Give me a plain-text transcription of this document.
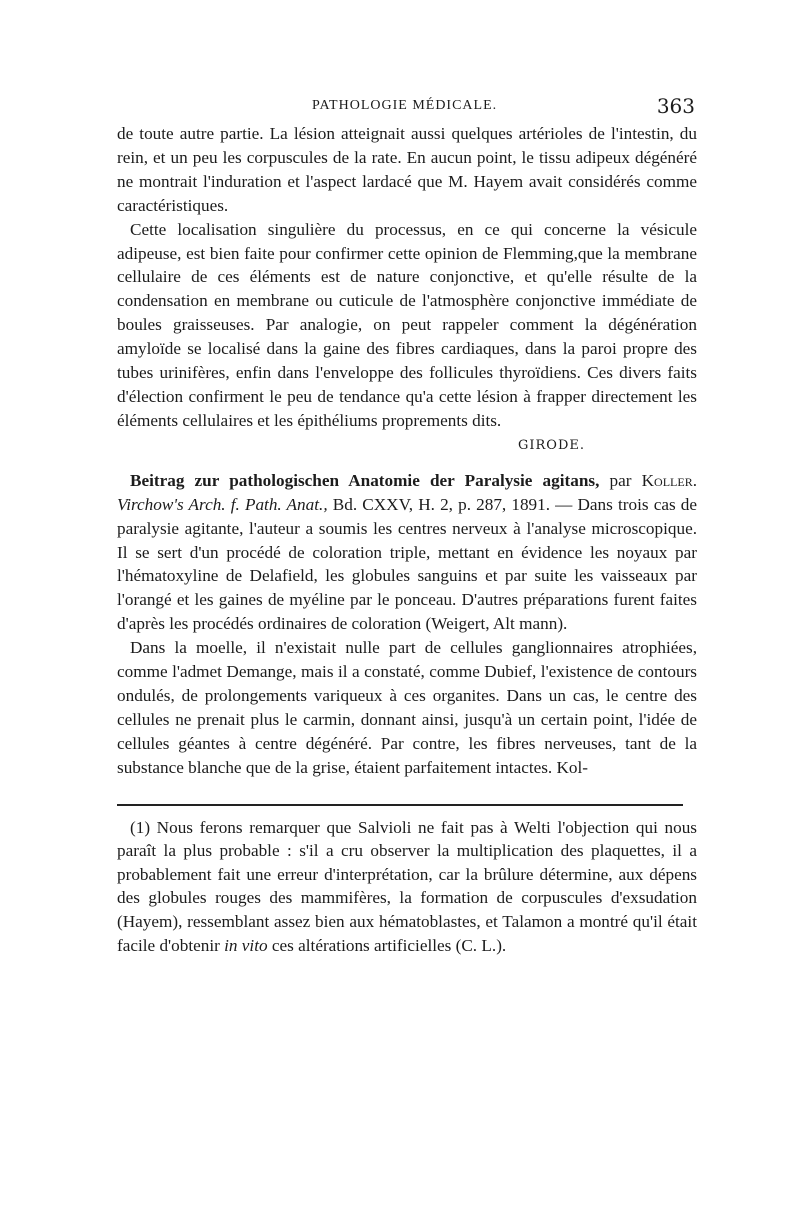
PATHOLOGIE MÉDICALE.	363

de toute autre partie. La lésion atteignait aussi quelques artérioles de l'intestin, du rein, et un peu les corpuscules de la rate. En aucun point, le tissu adipeux dégénéré ne montrait l'induration et l'aspect lardacé que M. Hayem avait considérés comme caractéristiques.

Cette localisation singulière du processus, en ce qui concerne la vésicule adipeuse, est bien faite pour confirmer cette opinion de Flemming,que la membrane cellulaire de ces éléments est de nature conjonctive, et qu'elle résulte de la condensation en membrane ou cuticule de l'atmosphère conjonctive immédiate de boules graisseuses. Par analogie, on peut rappeler comment la dégénération amyloïde se localisé dans la gaine des fibres cardiaques, dans la paroi propre des tubes urinifères, enfin dans l'enveloppe des follicules thyroïdiens. Ces divers faits d'élection confirment le peu de tendance qu'a cette lésion à frapper directement les éléments cellulaires et les épithéliums proprements dits.

GIRODE.

Beitrag zur pathologischen Anatomie der Paralysie agitans, par Koller. Virchow's Arch. f. Path. Anat., Bd. CXXV, H. 2, p. 287, 1891. — Dans trois cas de paralysie agitante, l'auteur a soumis les centres nerveux à l'analyse microscopique. Il se sert d'un procédé de coloration triple, mettant en évidence les noyaux par l'hématoxyline de Delafield, les globules sanguins et par suite les vaisseaux par l'orangé et les gaines de myéline par le ponceau. D'autres préparations furent faites d'après les procédés ordinaires de coloration (Weigert, Alt mann).

Dans la moelle, il n'existait nulle part de cellules ganglionnaires atrophiées, comme l'admet Demange, mais il a constaté, comme Dubief, l'existence de contours ondulés, de prolongements variqueux à ces organites. Dans un cas, le centre des cellules ne prenait plus le carmin, donnant ainsi, jusqu'à un certain point, l'idée de cellules géantes à centre dégénéré. Par contre, les fibres nerveuses, tant de la substance blanche que de la grise, étaient parfaitement intactes. Kol-

(1) Nous ferons remarquer que Salvioli ne fait pas à Welti l'objection qui nous paraît la plus probable : s'il a cru observer la multiplication des plaquettes, il a probablement fait une erreur d'interprétation, car la brûlure détermine, aux dépens des globules rouges des mammifères, la formation de corpuscules d'exsudation (Hayem), ressemblant assez bien aux hématoblastes, et Talamon a montré qu'il était facile d'obtenir in vito ces altérations artificielles (C. L.).
